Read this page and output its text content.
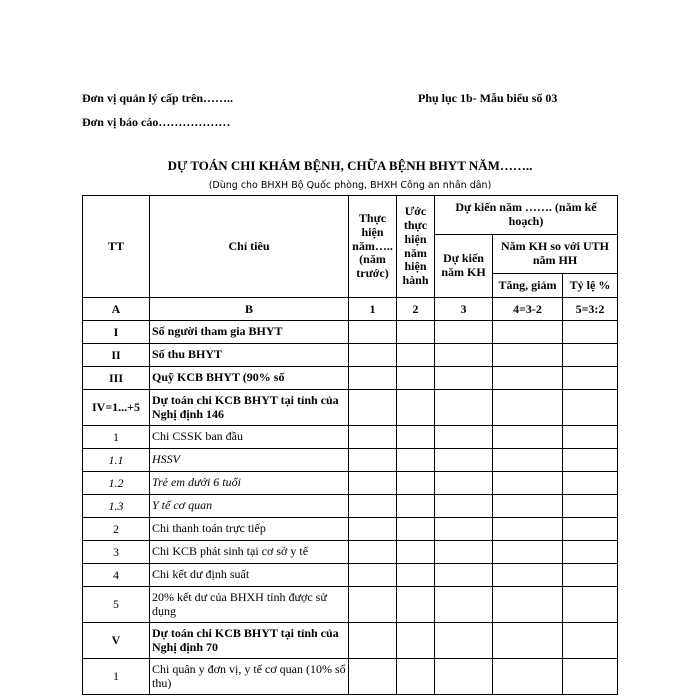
Đơn vị quản lý cấp trên……..	Phụ lục 1b- Mẫu biểu số 03
Đơn vị báo cáo………………
DỰ TOÁN CHI KHÁM BỆNH, CHỮA BỆNH BHYT NĂM……..
(Dùng cho BHXH Bộ Quốc phòng, BHXH Công an nhân dân)
TT	Chỉ tiêu	Thực hiện năm….. (năm trước)	Ước thực hiện năm hiện hành	Dự kiến năm ……. (năm kế hoạch)		
				Dự kiến năm KH	Năm KH so với UTH năm HH	
					Tăng, giảm	Tỷ lệ %
A	B	1	2	3	4=3-2	5=3:2
I	Số người tham gia BHYT					
II	Số thu BHYT					
III	Quỹ KCB BHYT (90% số					
IV=1...+5	Dự toán chi KCB BHYT tại tỉnh của Nghị định 146					
1	Chi CSSK ban đầu					
1.1	HSSV					
1.2	Trẻ em dưới 6 tuổi					
1.3	Y tế cơ quan					
2	Chi thanh toán trực tiếp					
3	Chi KCB phát sinh tại cơ sở y tế					
4	Chi kết dư định suất					
5	20% kết dư của BHXH tỉnh được sử dụng					
V	Dự toán chi KCB BHYT tại tỉnh của Nghị định 70					
1	Chi quân y đơn vị, y tế cơ quan (10% số thu)					
